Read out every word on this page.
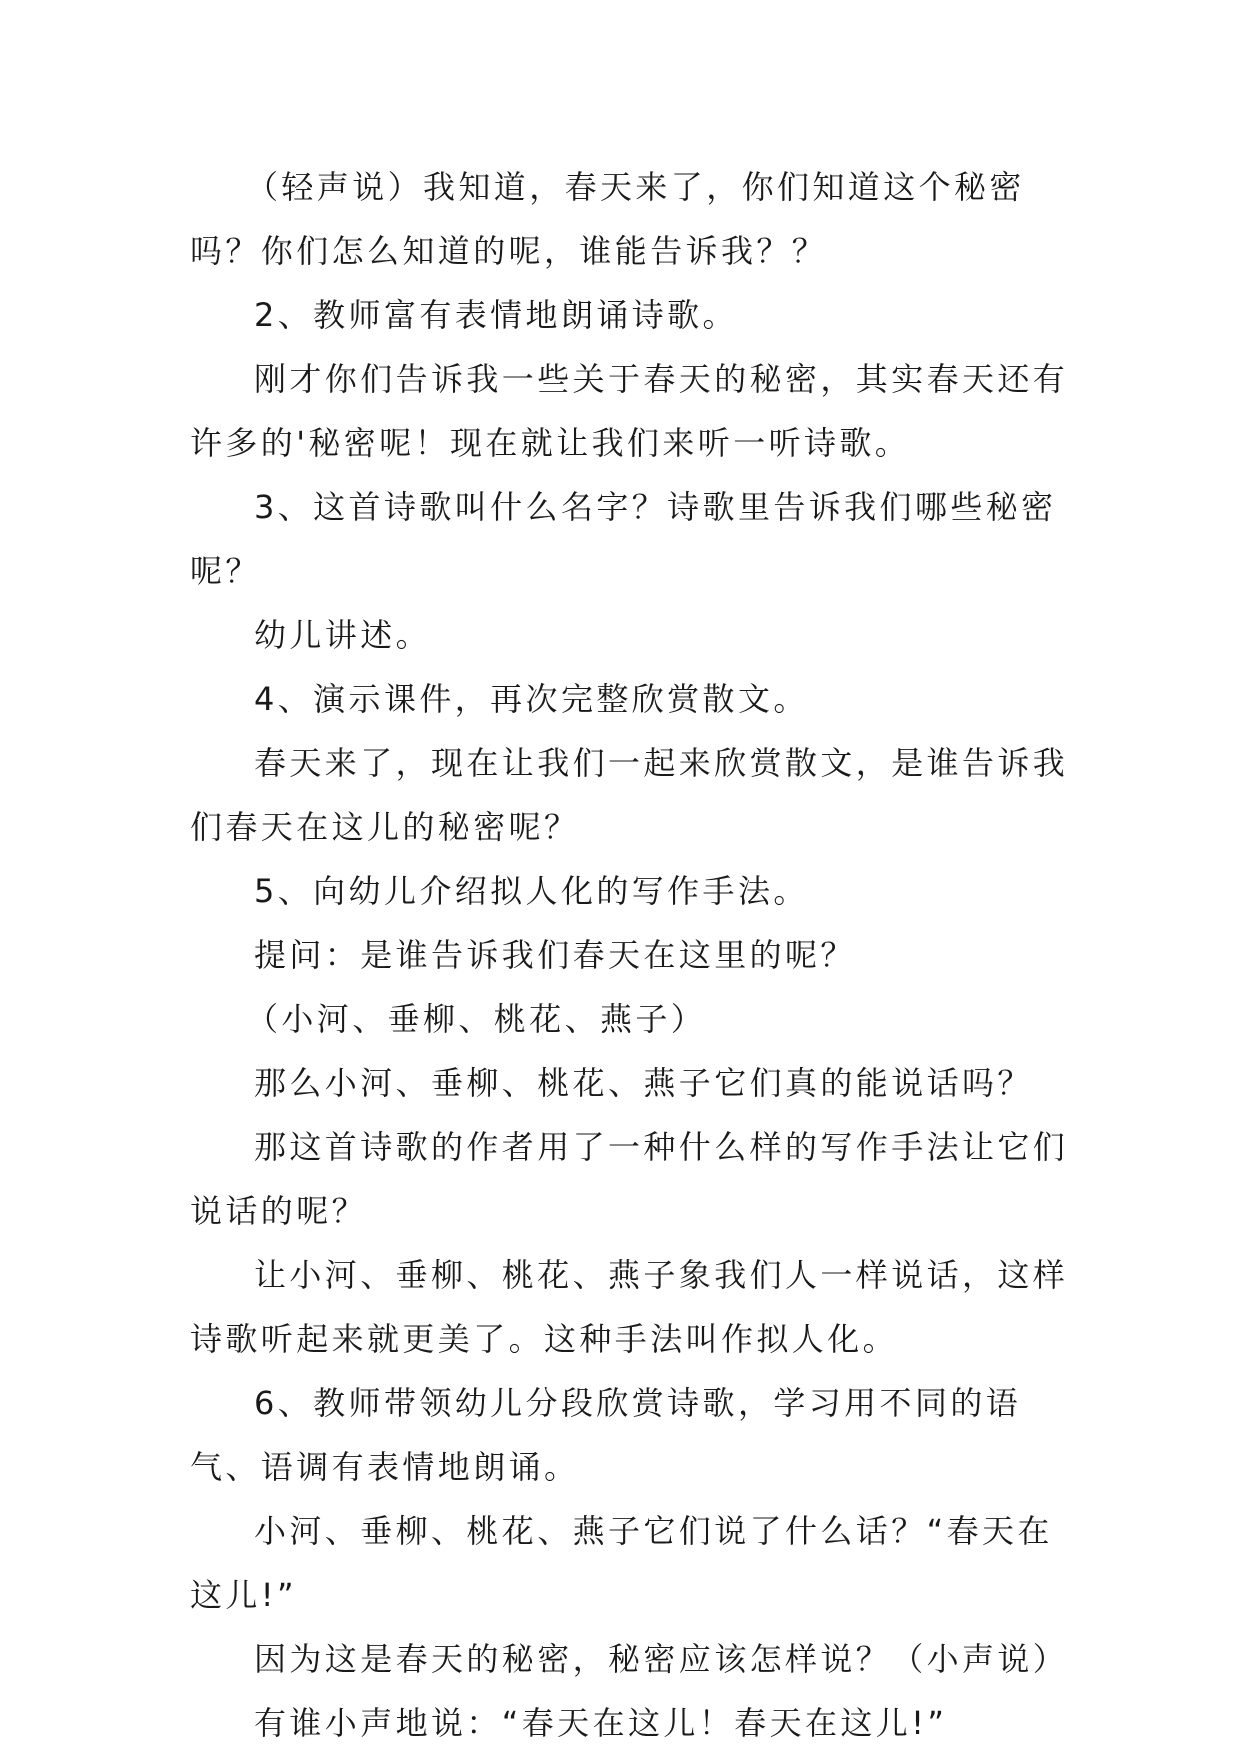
（轻声说）我知道，春天来了，你们知道这个秘密吗？你们怎么知道的呢，谁能告诉我？？

2、教师富有表情地朗诵诗歌。

刚才你们告诉我一些关于春天的秘密，其实春天还有许多的'秘密呢！现在就让我们来听一听诗歌。

3、这首诗歌叫什么名字？诗歌里告诉我们哪些秘密呢？

幼儿讲述。

4、演示课件，再次完整欣赏散文。

春天来了，现在让我们一起来欣赏散文，是谁告诉我们春天在这儿的秘密呢？

5、向幼儿介绍拟人化的写作手法。

提问：是谁告诉我们春天在这里的呢？

（小河、垂柳、桃花、燕子）

那么小河、垂柳、桃花、燕子它们真的能说话吗？

那这首诗歌的作者用了一种什么样的写作手法让它们说话的呢？

让小河、垂柳、桃花、燕子象我们人一样说话，这样诗歌听起来就更美了。这种手法叫作拟人化。

6、教师带领幼儿分段欣赏诗歌，学习用不同的语气、语调有表情地朗诵。

小河、垂柳、桃花、燕子它们说了什么话？“春天在这儿!”

因为这是春天的秘密，秘密应该怎样说？（小声说）

有谁小声地说：“春天在这儿！春天在这儿!”
